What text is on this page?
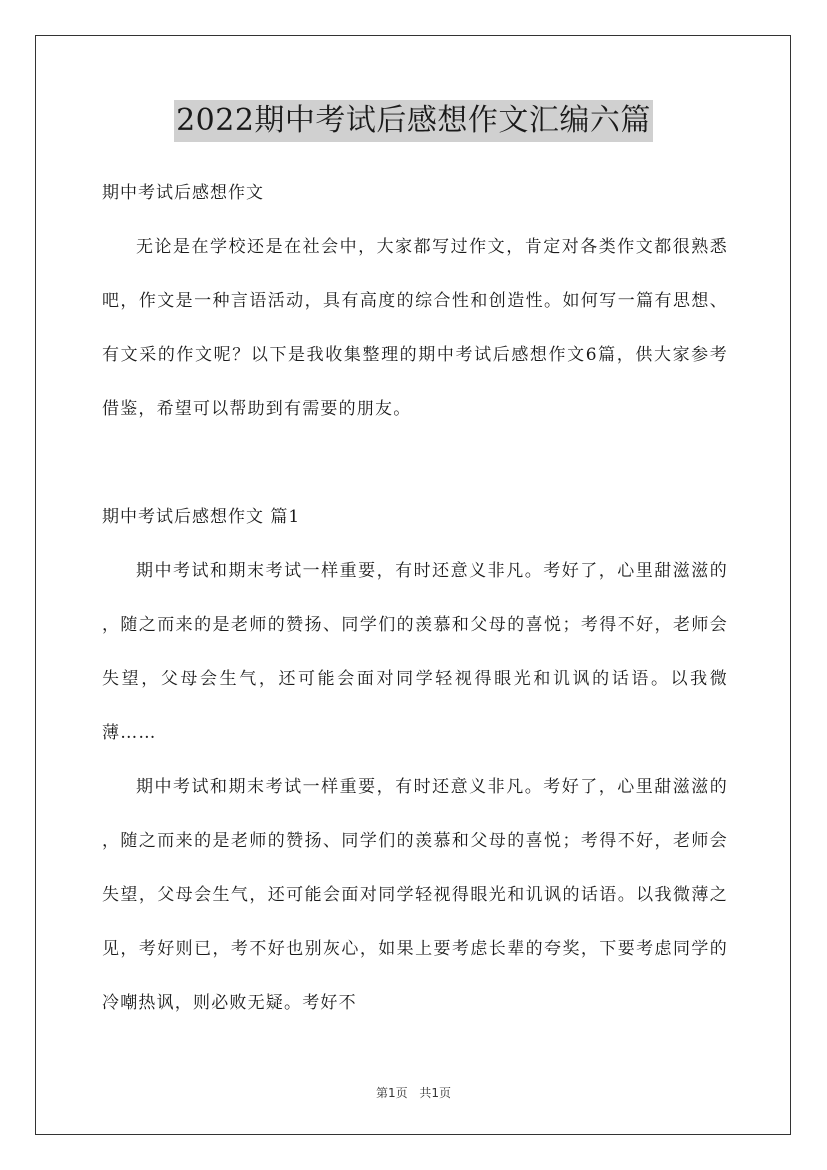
2022期中考试后感想作文汇编六篇
期中考试后感想作文

无论是在学校还是在社会中，大家都写过作文，肯定对各类作文都很熟悉吧，作文是一种言语活动，具有高度的综合性和创造性。如何写一篇有思想、有文采的作文呢？以下是我收集整理的期中考试后感想作文6篇，供大家参考借鉴，希望可以帮助到有需要的朋友。

期中考试后感想作文 篇1

期中考试和期末考试一样重要，有时还意义非凡。考好了，心里甜滋滋的 ，随之而来的是老师的赞扬、同学们的羡慕和父母的喜悦；考得不好，老师会失望，父母会生气，还可能会面对同学轻视得眼光和讥讽的话语。以我微薄……

期中考试和期末考试一样重要，有时还意义非凡。考好了，心里甜滋滋的 ，随之而来的是老师的赞扬、同学们的羡慕和父母的喜悦；考得不好，老师会失望，父母会生气，还可能会面对同学轻视得眼光和讥讽的话语。以我微薄之见，考好则已，考不好也别灰心，如果上要考虑长辈的夸奖，下要考虑同学的冷嘲热讽，则必败无疑。考好不

第1页 共1页
